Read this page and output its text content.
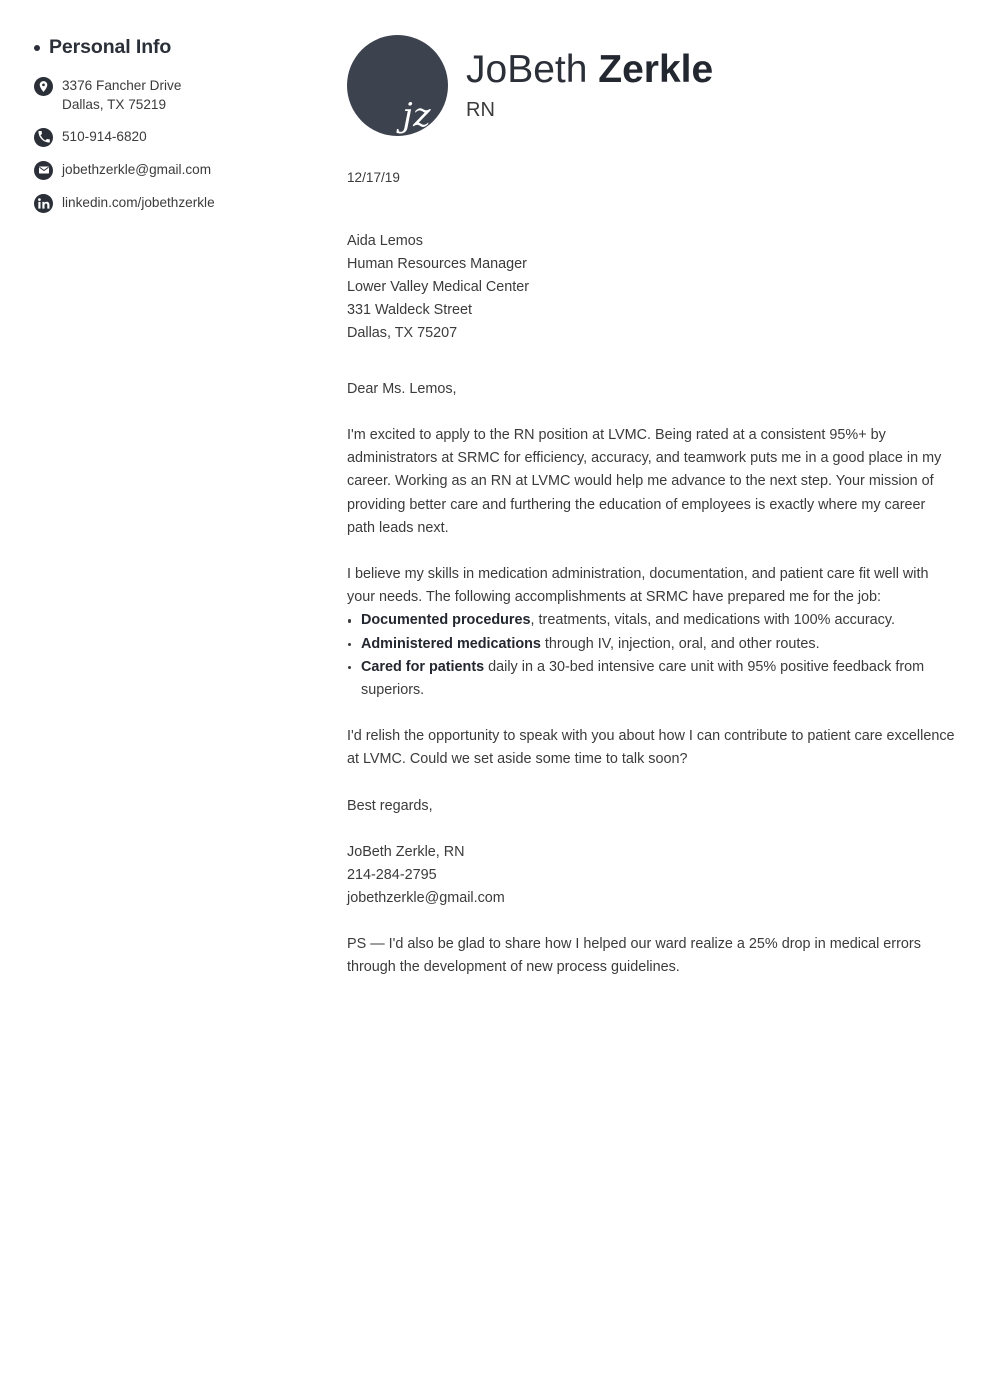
Personal Info
3376 Fancher Drive
Dallas, TX 75219
510-914-6820
jobethzerkle@gmail.com
linkedin.com/jobethzerkle
jz
JoBeth Zerkle
RN
12/17/19
Aida Lemos
Human Resources Manager
Lower Valley Medical Center
331 Waldeck Street
Dallas, TX 75207
Dear Ms. Lemos,

I'm excited to apply to the RN position at LVMC. Being rated at a consistent 95%+ by administrators at SRMC for efficiency, accuracy, and teamwork puts me in a good place in my career. Working as an RN at LVMC would help me advance to the next step. Your mission of providing better care and furthering the education of employees is exactly where my career path leads next.

I believe my skills in medication administration, documentation, and patient care fit well with your needs. The following accomplishments at SRMC have prepared me for the job:

Documented procedures, treatments, vitals, and medications with 100% accuracy.
Administered medications through IV, injection, oral, and other routes.
Cared for patients daily in a 30-bed intensive care unit with 95% positive feedback from superiors.

I'd relish the opportunity to speak with you about how I can contribute to patient care excellence at LVMC. Could we set aside some time to talk soon?

Best regards,
JoBeth Zerkle, RN
214-284-2795
jobethzerkle@gmail.com

PS — I'd also be glad to share how I helped our ward realize a 25% drop in medical errors through the development of new process guidelines.
